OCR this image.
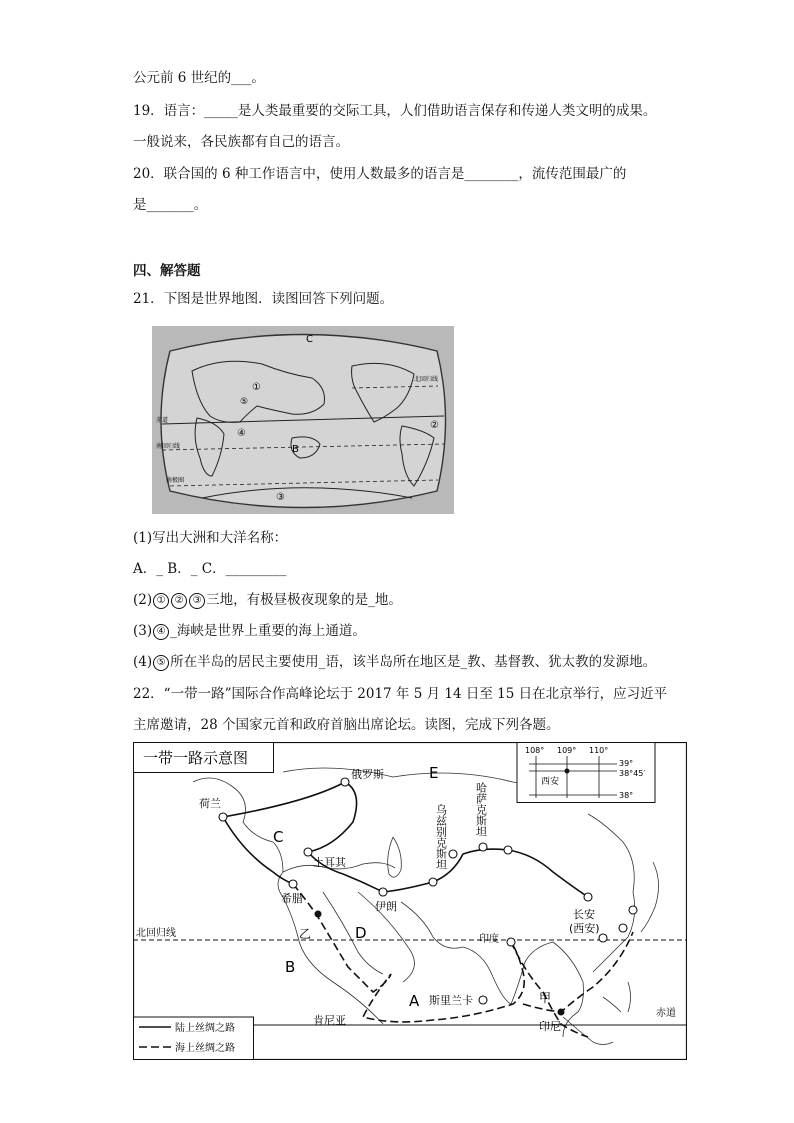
公元前 6 世纪的___。
19．语言：_____是人类最重要的交际工具，人们借助语言保存和传递人类文明的成果。
一般说来，各民族都有自己的语言。
20．联合国的 6 种工作语言中，使用人数最多的语言是________，流传范围最广的
是_______。
四、解答题
21．下图是世界地图．读图回答下列问题。
C
①
④
B
②
③
⑤
北回归线
赤道
南回归线
南极圈
(1)写出大洲和大洋名称：
A．_ B．_ C．_________
(2) ① ② ③ 三地，有极昼极夜现象的是_地。
(3) ④ _海峡是世界上重要的海上通道。
(4) ⑤ 所在半岛的居民主要使用_语，该半岛所在地区是_教、基督教、犹太教的发源地。
22．“一带一路”国际合作高峰论坛于 2017 年 5 月 14 日至 15 日在北京举行，应习近平
主席邀请，28 个国家元首和政府首脑出席论坛。读图，完成下列各题。
一带一路示意图
北回归线
赤道
荷兰
俄罗斯
土耳其
希腊
伊朗
乌兹别克斯坦 哈萨克斯坦
长安
(西安)
印度
斯里兰卡
肯尼亚	印尼
E
C
D
B
A
乙
甲
108° 109° 110°
39°
38°45′
38°
西安
陆上丝绸之路
海上丝绸之路
